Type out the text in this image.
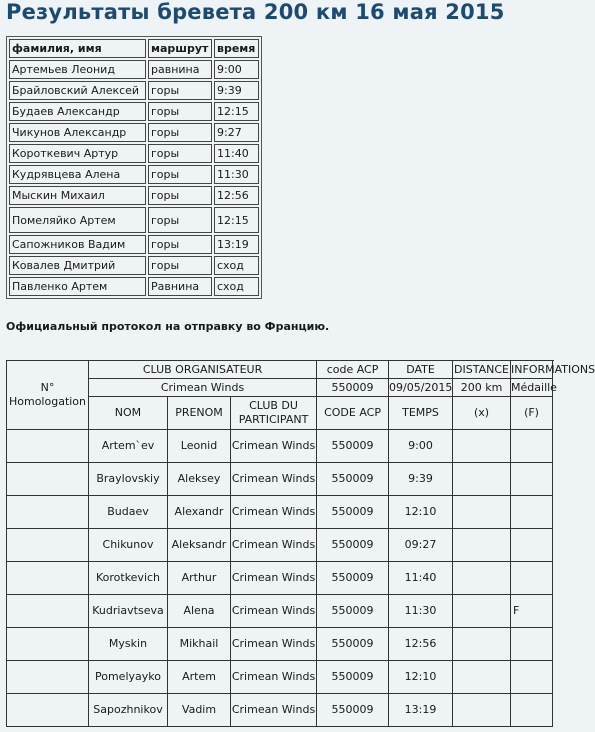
Результаты бревета 200 км 16 мая 2015
фамилия, имя	маршрут	время
Артемьев Леонид	равнина	9:00
Брайловский Алексей	горы	9:39
Будаев Александр	горы	12:15
Чикунов Александр	горы	9:27
Короткевич Артур	горы	11:40
Кудрявцева Алена	горы	11:30
Мыскин Михаил	горы	12:56
Помеляйко Артем	горы	12:15
Сапожников Вадим	горы	13:19
Ковалев Дмитрий	горы	сход
Павленко Артем	Равнина	сход
Официальный протокол на отправку во Францию.
N° Homologation	CLUB ORGANISATEUR			code ACP	DATE	DISTANCE	INFORMATIONS	
	Crimean Winds			550009	09/05/2015	200 km	Médaille	
	NOM	PRENOM	CLUB DU PARTICIPANT	CODE ACP	TEMPS	(x)	(F)	
	Artem`ev	Leonid	Crimean Winds	550009	9:00			
	Braylovskiy	Aleksey	Crimean Winds	550009	9:39			
	Budaev	Alexandr	Crimean Winds	550009	12:10			
	Chikunov	Aleksandr	Crimean Winds	550009	09:27			
	Korotkevich	Arthur	Crimean Winds	550009	11:40			
	Kudriavtseva	Alena	Crimean Winds	550009	11:30		F	
	Myskin	Mikhail	Crimean Winds	550009	12:56			
	Pomelyayko	Artem	Crimean Winds	550009	12:10			
	Sapozhnikov	Vadim	Crimean Winds	550009	13:19			
